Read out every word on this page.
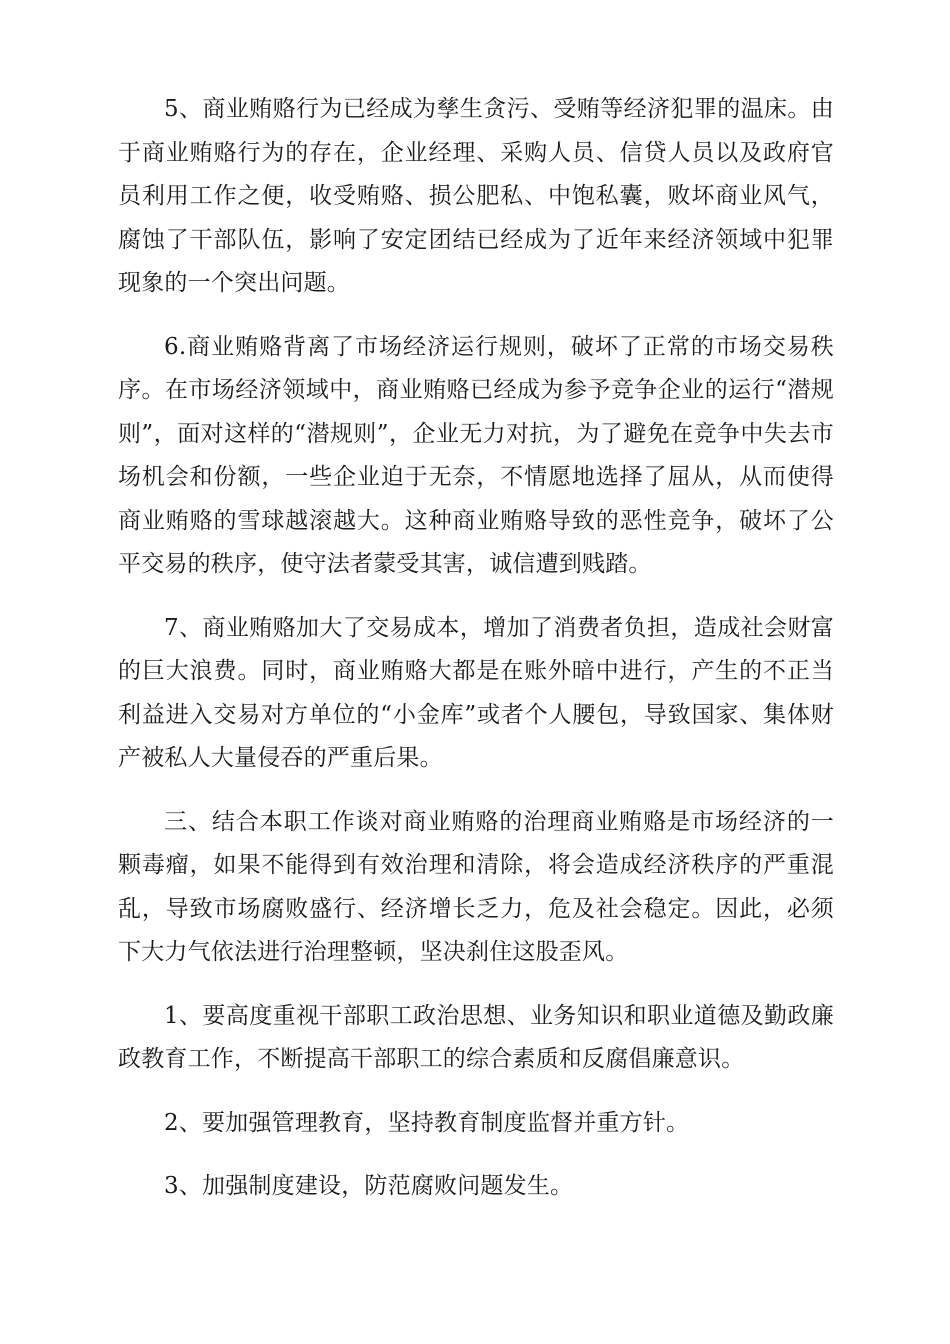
5、商业贿赂行为已经成为孳生贪污、受贿等经济犯罪的温床。由于商业贿赂行为的存在，企业经理、采购人员、信贷人员以及政府官员利用工作之便，收受贿赂、损公肥私、中饱私囊，败坏商业风气，腐蚀了干部队伍，影响了安定团结已经成为了近年来经济领域中犯罪现象的一个突出问题。

6.商业贿赂背离了市场经济运行规则，破坏了正常的市场交易秩序。在市场经济领域中，商业贿赂已经成为参予竞争企业的运行“潜规则”，面对这样的“潜规则”，企业无力对抗，为了避免在竞争中失去市场机会和份额，一些企业迫于无奈，不情愿地选择了屈从，从而使得商业贿赂的雪球越滚越大。这种商业贿赂导致的恶性竞争，破坏了公平交易的秩序，使守法者蒙受其害，诚信遭到贱踏。

7、商业贿赂加大了交易成本，增加了消费者负担，造成社会财富的巨大浪费。同时，商业贿赂大都是在账外暗中进行，产生的不正当利益进入交易对方单位的“小金库”或者个人腰包，导致国家、集体财产被私人大量侵吞的严重后果。

三、结合本职工作谈对商业贿赂的治理商业贿赂是市场经济的一颗毒瘤，如果不能得到有效治理和清除，将会造成经济秩序的严重混乱，导致市场腐败盛行、经济增长乏力，危及社会稳定。因此，必须下大力气依法进行治理整顿，坚决刹住这股歪风。

1、要高度重视干部职工政治思想、业务知识和职业道德及勤政廉政教育工作，不断提高干部职工的综合素质和反腐倡廉意识。

2、要加强管理教育，坚持教育制度监督并重方针。

3、加强制度建设，防范腐败问题发生。
